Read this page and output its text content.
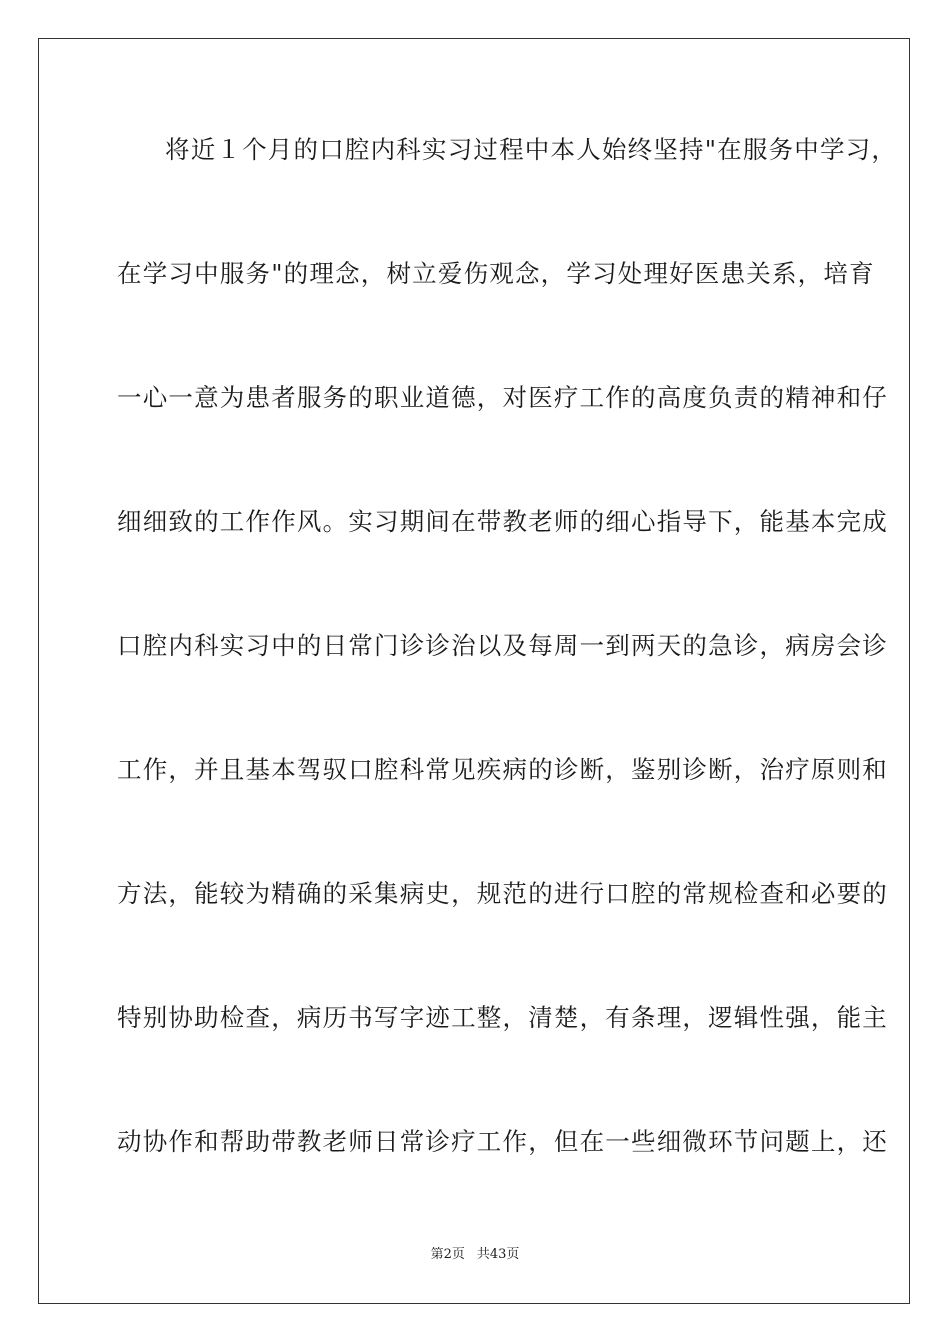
将近１个月的口腔内科实习过程中本人始终坚持"在服务中学习，
在学习中服务"的理念，树立爱伤观念，学习处理好医患关系，培育
一心一意为患者服务的职业道德，对医疗工作的高度负责的精神和仔
细细致的工作作风。实习期间在带教老师的细心指导下，能基本完成
口腔内科实习中的日常门诊诊治以及每周一到两天的急诊，病房会诊
工作，并且基本驾驭口腔科常见疾病的诊断，鉴别诊断，治疗原则和
方法，能较为精确的采集病史，规范的进行口腔的常规检查和必要的
特别协助检查，病历书写字迹工整，清楚，有条理，逻辑性强，能主
动协作和帮助带教老师日常诊疗工作，但在一些细微环节问题上，还
第2页 共43页
